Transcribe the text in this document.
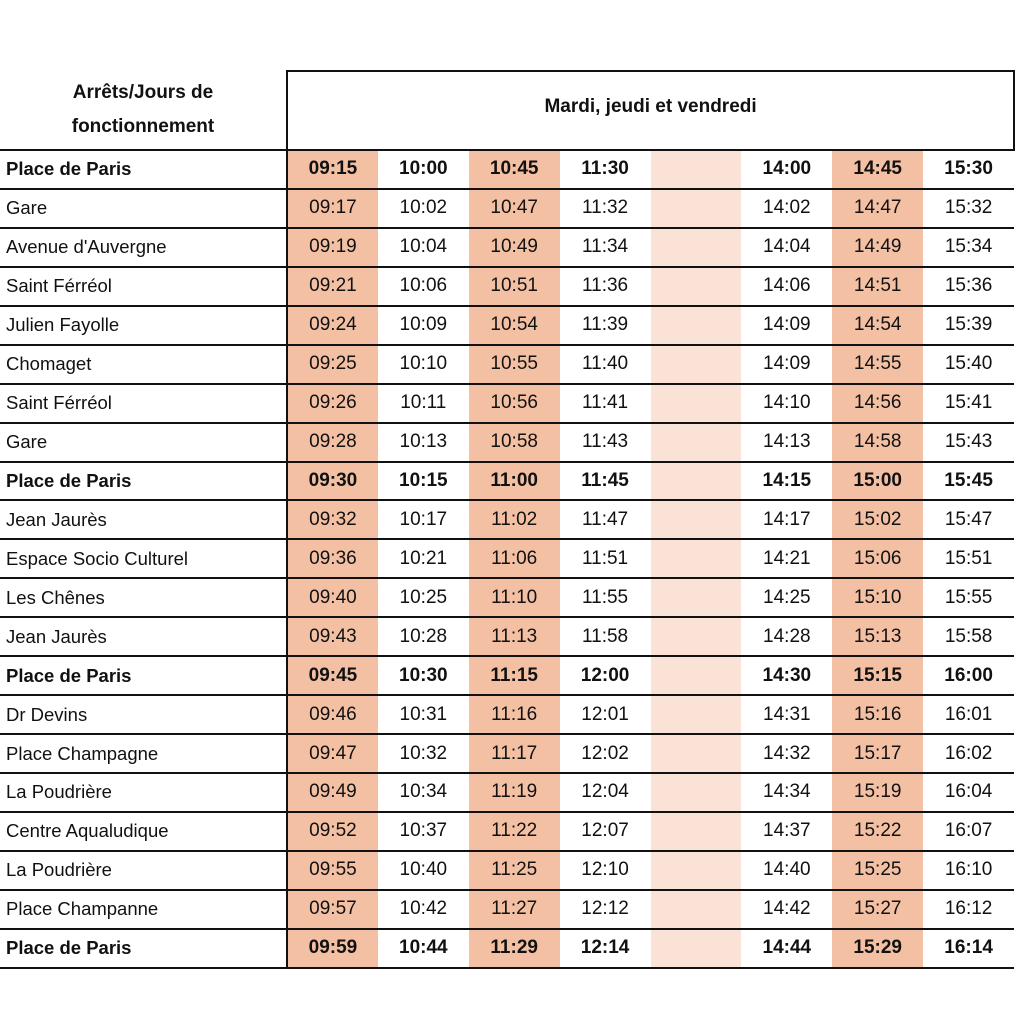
Arrêts/Jours de fonctionnement	Mardi, jeudi et vendredi							
Place de Paris	09:15	10:00	10:45	11:30		14:00	14:45	15:30
Gare	09:17	10:02	10:47	11:32		14:02	14:47	15:32
Avenue d'Auvergne	09:19	10:04	10:49	11:34		14:04	14:49	15:34
Saint Férréol	09:21	10:06	10:51	11:36		14:06	14:51	15:36
Julien Fayolle	09:24	10:09	10:54	11:39		14:09	14:54	15:39
Chomaget	09:25	10:10	10:55	11:40		14:09	14:55	15:40
Saint Férréol	09:26	10:11	10:56	11:41		14:10	14:56	15:41
Gare	09:28	10:13	10:58	11:43		14:13	14:58	15:43
Place de Paris	09:30	10:15	11:00	11:45		14:15	15:00	15:45
Jean Jaurès	09:32	10:17	11:02	11:47		14:17	15:02	15:47
Espace Socio Culturel	09:36	10:21	11:06	11:51		14:21	15:06	15:51
Les Chênes	09:40	10:25	11:10	11:55		14:25	15:10	15:55
Jean Jaurès	09:43	10:28	11:13	11:58		14:28	15:13	15:58
Place de Paris	09:45	10:30	11:15	12:00		14:30	15:15	16:00
Dr Devins	09:46	10:31	11:16	12:01		14:31	15:16	16:01
Place Champagne	09:47	10:32	11:17	12:02		14:32	15:17	16:02
La Poudrière	09:49	10:34	11:19	12:04		14:34	15:19	16:04
Centre Aqualudique	09:52	10:37	11:22	12:07		14:37	15:22	16:07
La Poudrière	09:55	10:40	11:25	12:10		14:40	15:25	16:10
Place Champanne	09:57	10:42	11:27	12:12		14:42	15:27	16:12
Place de Paris	09:59	10:44	11:29	12:14		14:44	15:29	16:14
